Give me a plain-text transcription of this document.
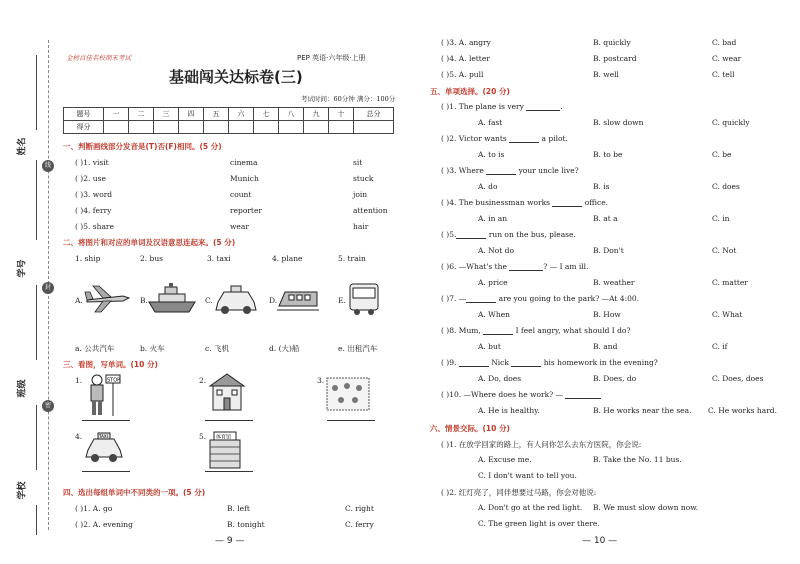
姓名
学号
班级
学校
线
封
密
金榜百佳名校期末考试	PEP 英语·六年级·上册
基础闯关达标卷(三)
考试时间：60分钟 满分：100分
题号	一	二	三	四	五	六	七	八	九	十	总分
得分											
一、判断画线部分发音是(T)否(F)相同。(5 分)
( )1. visit	cinema	sit
( )2. use	Munich	stuck
( )3. word	count	join
( )4. ferry	reporter	attention
( )5. share	wear	hair
二、将图片和对应的单词及汉语意思连起来。(5 分)
1. ship	2. bus	3. taxi	4. plane	5. train
A.	B.	C.	D.	E.
a. 公共汽车	b. 火车	c. 飞机	d. (大)船	e. 出租汽车
三、看图，写单词。(10 分)
1.	STOP	2.	3.
4.	TAXI	5. 体育馆
四、选出每组单词中不同类的一项。(5 分)
( )1. A. go	B. left	C. right
( )2. A. evening	B. tonight	C. ferry
— 9 —
( )3. A. angry	B. quickly	C. bad
( )4. A. letter	B. postcard	C. wear
( )5. A. pull	B. well	C. tell
五、单项选择。(20 分)
( )1. The plane is very	.
A. fast	B. slow down	C. quickly
( )2. Victor wants	a pilot.
A. to is	B. to be	C. be
( )3. Where	your uncle live?
A. do	B. is	C. does
( )4. The businessman works	office.
A. in an	B. at a	C. in
( )5.	run on the bus, please.
A. Not do	B. Don't	C. Not
( )6. —What's the	? — I am ill.
A. price	B. weather	C. matter
( )7. —	are you going to the park? —At 4:00.
A. When	B. How	C. What
( )8. Mum,	I feel angry, what should I do?
A. but	B. and	C. if
( )9.	Nick	his homework in the evening?
A. Do, does	B. Does, do	C. Does, does
( )10. —Where does he work? —
A. He is healthy.	B. He works near the sea. C. He works hard.
六、情景交际。(10 分)
( )1. 在放学回家的路上，有人问你怎么去东方医院，你会说:
A. Excuse me.	B. Take the No. 11 bus.
C. I don't want to tell you.
( )2. 红灯亮了，同伴想要过马路，你会对他说:
A. Don't go at the red light. B. We must slow down now.
C. The green light is over there.
— 10 —
